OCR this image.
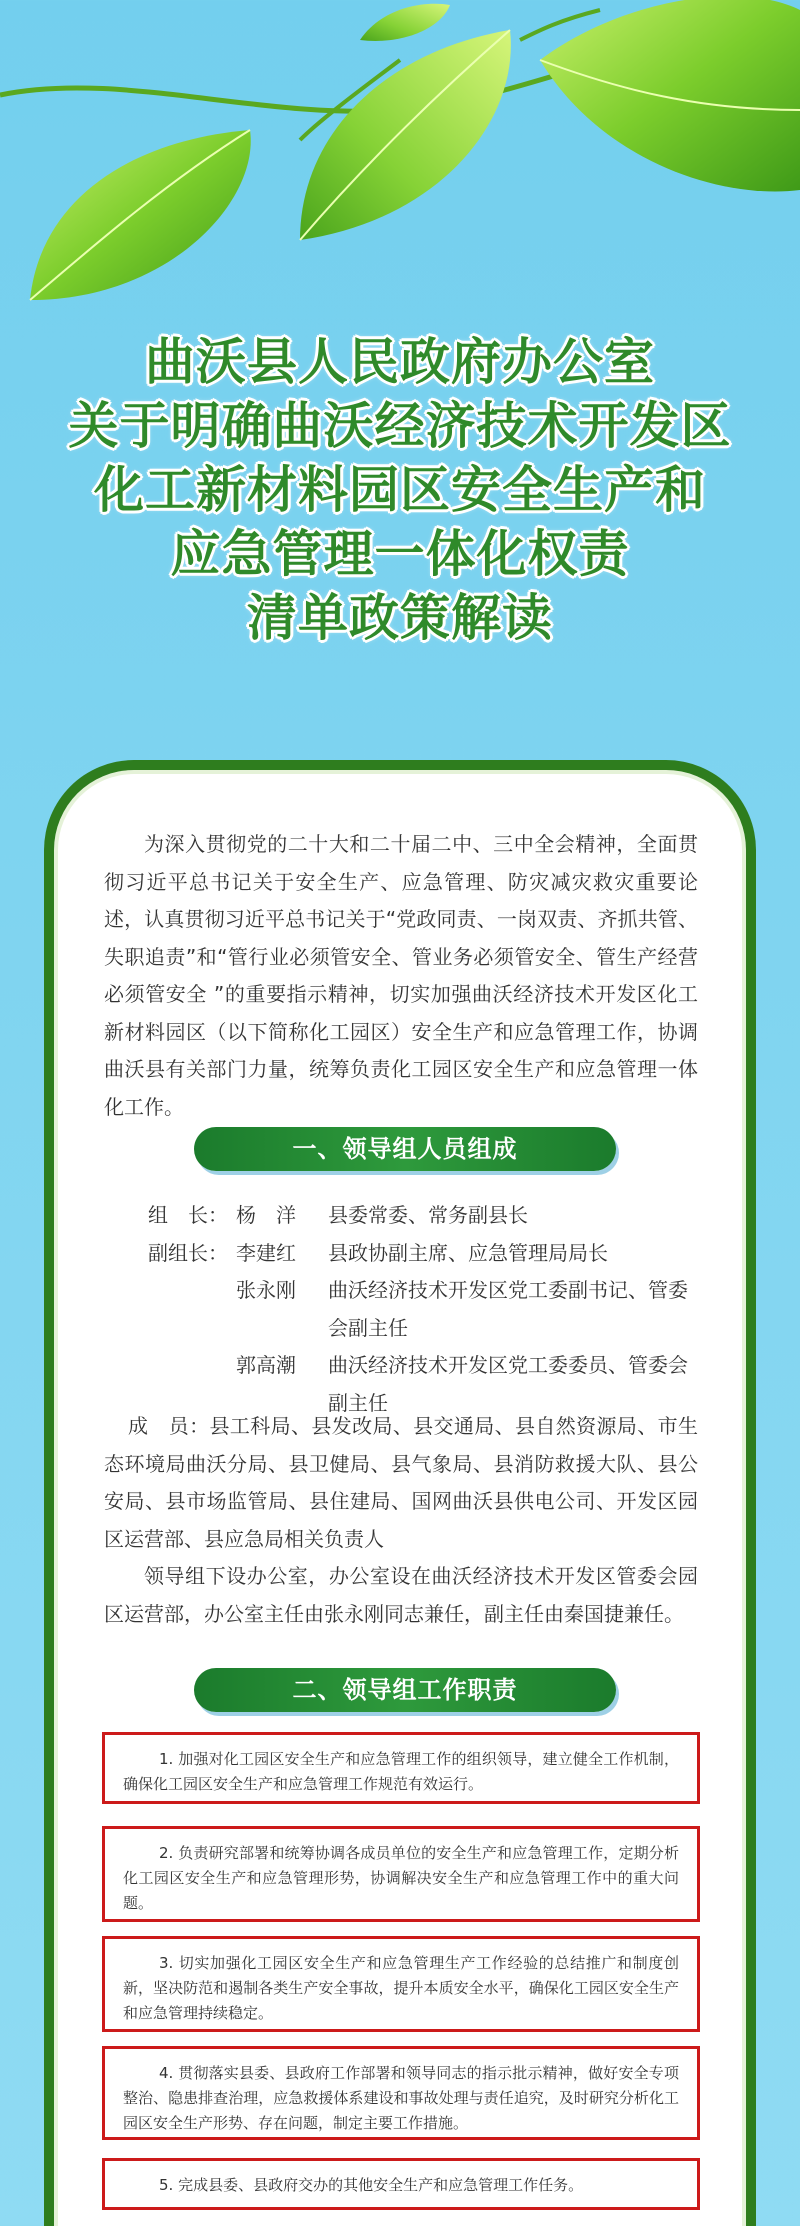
曲沃县人民政府办公室
关于明确曲沃经济技术开发区
化工新材料园区安全生产和
应急管理一体化权责
清单政策解读

为深入贯彻党的二十大和二十届二中、三中全会精神，全面贯彻习近平总书记关于安全生产、应急管理、防灾减灾救灾重要论述，认真贯彻习近平总书记关于“党政同责、一岗双责、齐抓共管、失职追责”和“管行业必须管安全、管业务必须管安全、管生产经营必须管安全 ”的重要指示精神，切实加强曲沃经济技术开发区化工新材料园区（以下简称化工园区）安全生产和应急管理工作，协调曲沃县有关部门力量，统筹负责化工园区安全生产和应急管理一体化工作。

一、领导组人员组成
组　长： 杨　洋	县委常委、常务副县长
副组长： 李建红	县政协副主席、应急管理局局长
张永刚	曲沃经济技术开发区党工委副书记、管委会副主任
郭高潮	曲沃经济技术开发区党工委委员、管委会副主任

成　员：县工科局、县发改局、县交通局、县自然资源局、市生态环境局曲沃分局、县卫健局、县气象局、县消防救援大队、县公安局、县市场监管局、县住建局、国网曲沃县供电公司、开发区园区运营部、县应急局相关负责人

领导组下设办公室，办公室设在曲沃经济技术开发区管委会园区运营部，办公室主任由张永刚同志兼任，副主任由秦国捷兼任。

二、领导组工作职责
1. 加强对化工园区安全生产和应急管理工作的组织领导，建立健全工作机制，确保化工园区安全生产和应急管理工作规范有效运行。
2. 负责研究部署和统筹协调各成员单位的安全生产和应急管理工作，定期分析化工园区安全生产和应急管理形势，协调解决安全生产和应急管理工作中的重大问题。
3. 切实加强化工园区安全生产和应急管理生产工作经验的总结推广和制度创新，坚决防范和遏制各类生产安全事故，提升本质安全水平，确保化工园区安全生产和应急管理持续稳定。
4. 贯彻落实县委、县政府工作部署和领导同志的指示批示精神，做好安全专项整治、隐患排查治理，应急救援体系建设和事故处理与责任追究，及时研究分析化工园区安全生产形势、存在问题，制定主要工作措施。
5. 完成县委、县政府交办的其他安全生产和应急管理工作任务。
